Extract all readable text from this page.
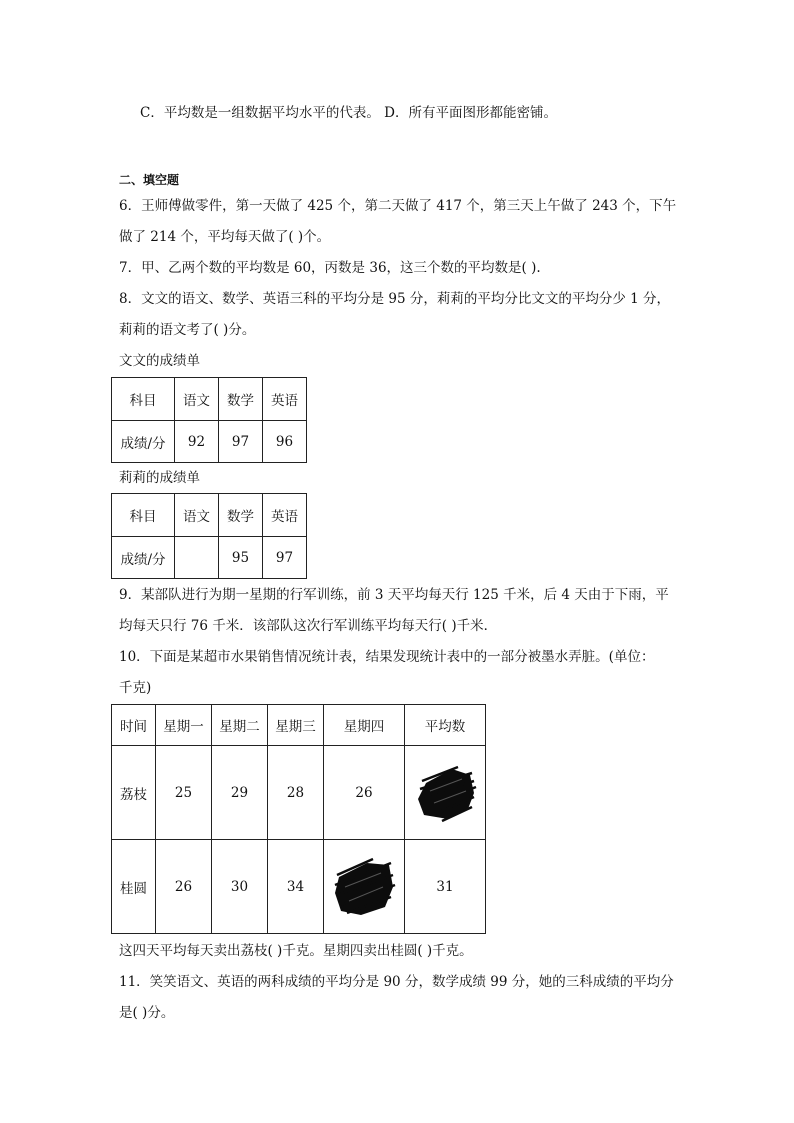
C．平均数是一组数据平均水平的代表。 D．所有平面图形都能密铺。
二、填空题
6．王师傅做零件，第一天做了 425 个，第二天做了 417 个，第三天上午做了 243 个，下午
做了 214 个，平均每天做了( )个。
7．甲、乙两个数的平均数是 60，丙数是 36，这三个数的平均数是( ).
8．文文的语文、数学、英语三科的平均分是 95 分，莉莉的平均分比文文的平均分少 1 分，
莉莉的语文考了( )分。
文文的成绩单
科目	语文	数学	英语
成绩/分	92	97	96
莉莉的成绩单
科目	语文	数学	英语
成绩/分		95	97
9．某部队进行为期一星期的行军训练，前 3 天平均每天行 125 千米，后 4 天由于下雨，平
均每天只行 76 千米．该部队这次行军训练平均每天行( )千米．
10．下面是某超市水果销售情况统计表，结果发现统计表中的一部分被墨水弄脏。(单位：
千克)
时间	星期一	星期二	星期三	星期四	平均数
荔枝	25	29	28	26	

桂圆	26	30	34		31
这四天平均每天卖出荔枝( )千克。星期四卖出桂圆( )千克。
11．笑笑语文、英语的两科成绩的平均分是 90 分，数学成绩 99 分，她的三科成绩的平均分
是( )分。
